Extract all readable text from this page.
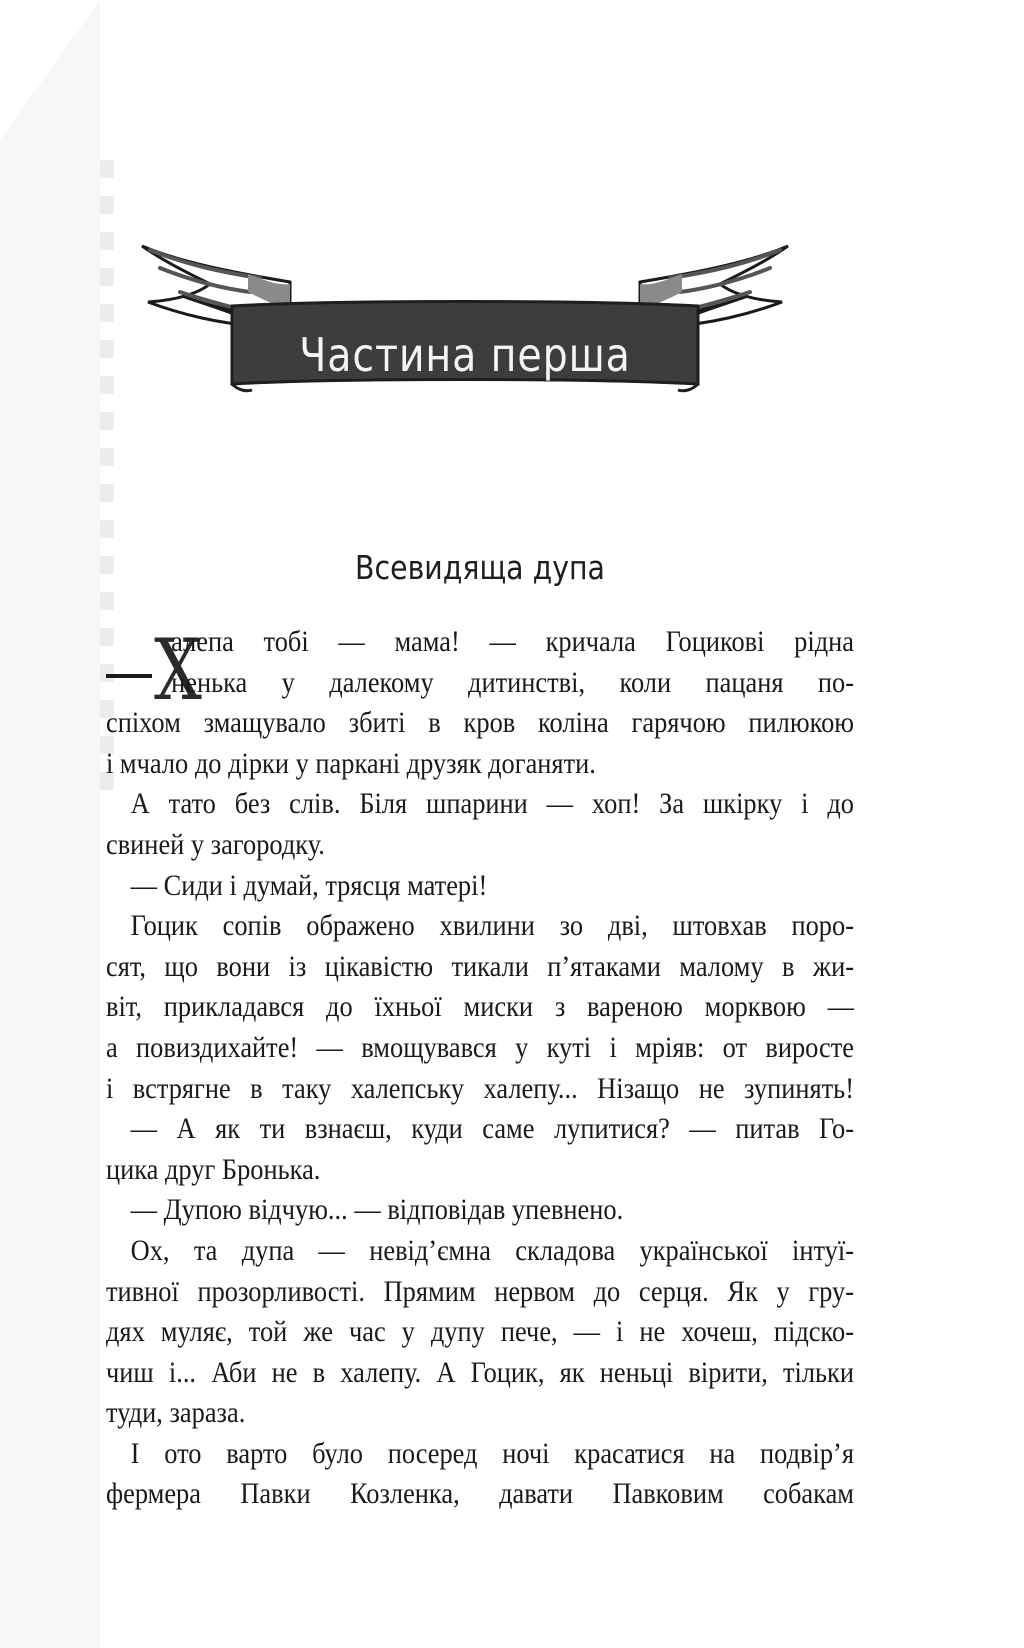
Частина перша
Всевидяща дупа
Х
алепа тобі — мама! — кричала Гоцикові рідна
ненька у далекому дитинстві, коли пацаня по-
спіхом змащувало збиті в кров коліна гарячою пилюкою
і мчало до дірки у паркані друзяк доганяти.
А тато без слів. Біля шпарини — хоп! За шкірку і до
свиней у загородку.
— Сиди і думай, трясця матері!
Гоцик сопів ображено хвилини зо дві, штовхав поро-
сят, що вони із цікавістю тикали п’ятаками малому в жи-
віт, прикладався до їхньої миски з вареною морквою —
а повиздихайте! — вмощувався у куті і мріяв: от виросте
і встрягне в таку халепську халепу... Нізащо не зупинять!
— А як ти взнаєш, куди саме лупитися? — питав Го-
цика друг Бронька.
— Дупою відчую... — відповідав упевнено.
Ох, та дупа — невід’ємна складова української інтуї-
тивної прозорливості. Прямим нервом до серця. Як у гру-
дях муляє, той же час у дупу пече, — і не хочеш, підско-
чиш і... Аби не в халепу. А Гоцик, як неньці вірити, тільки
туди, зараза.
І ото варто було посеред ночі красатися на подвір’я
фермера Павки Козленка, давати Павковим собакам
